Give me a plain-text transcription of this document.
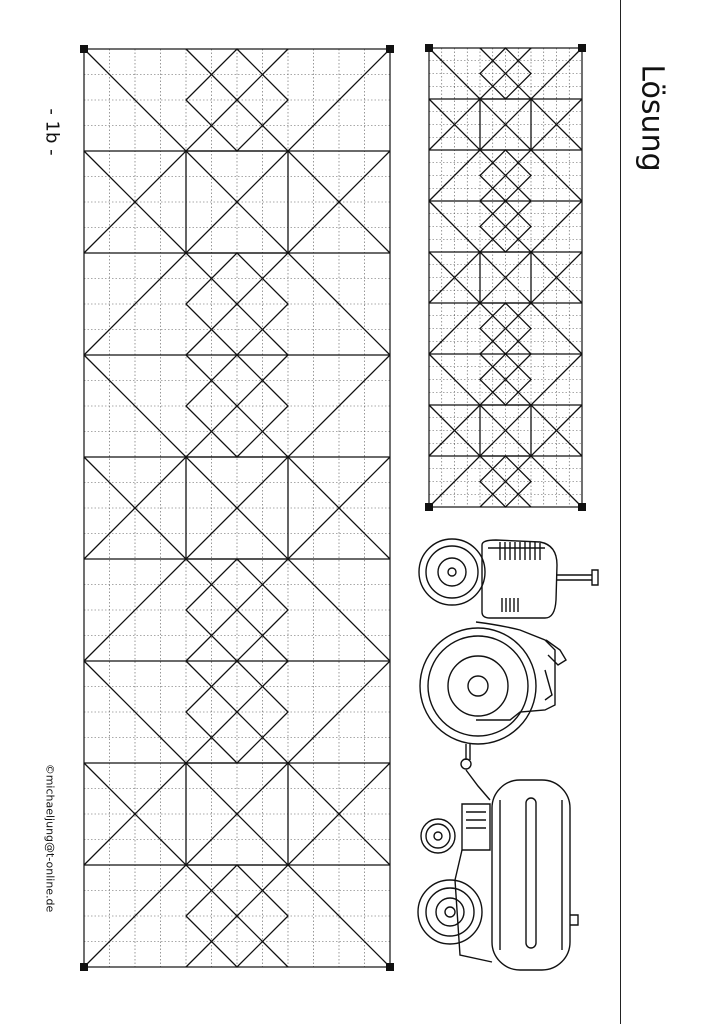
Lösung
- 1b -
©michaeljung@t-online.de
